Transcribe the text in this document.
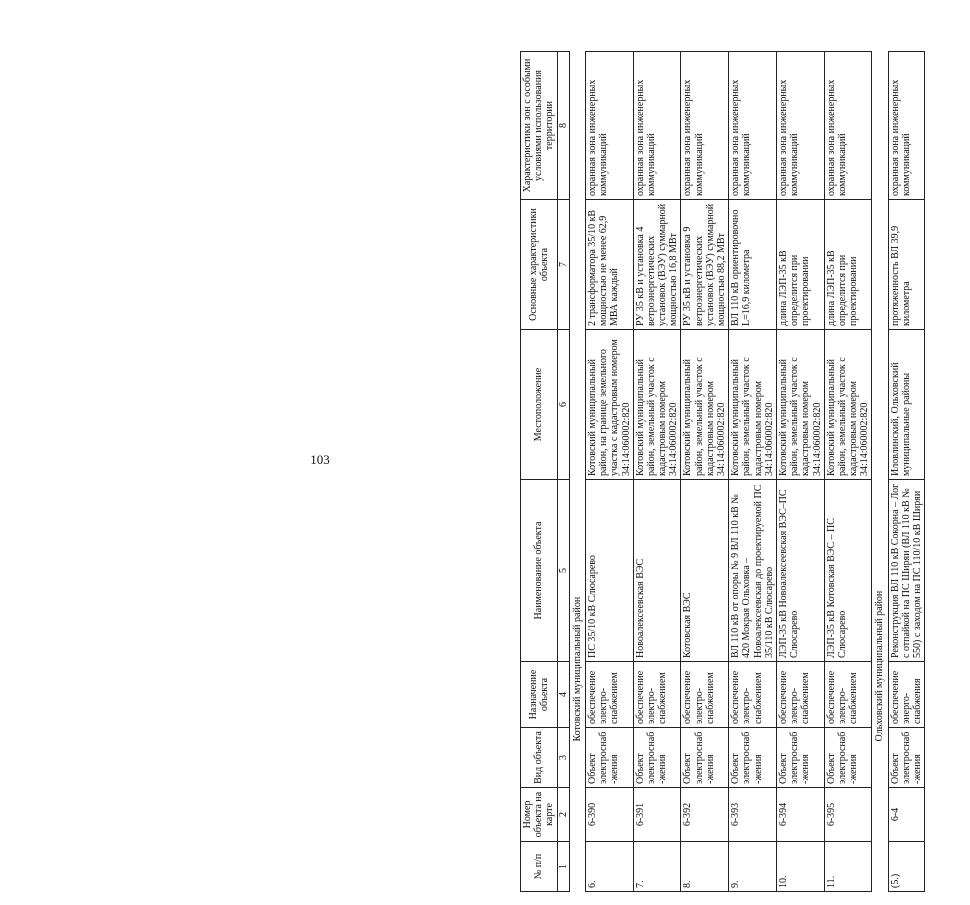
103
№ п/п	Номер объекта на карте	Вид объекта	Назначение объекта	Наименование объекта	Местоположение	Основные характеристики объекта	Характеристики зон с особыми условиями использования территории
1	2	3	4	5	6	7	8
Котовский муниципальный район							
6.	6-390	Объект электроснаб-жения	обеспечение электро-снабжением	ПС 35/10 кВ Слюсарево	Котовский муниципальный район, на границе земельного участка с кадастровым номером 34:14:060002:820	2 трансформатора 35/10 кВ мощностью не менее 62,9 МВА каждый	охранная зона инженерных коммуникаций
7.	6-391	Объект электроснаб-жения	обеспечение электро-снабжением	Новоалексеевская ВЭС	Котовский муниципальный район, земельный участок с кадастровым номером 34:14:060002:820	РУ 35 кВ и установка 4 ветроэнергетических установок (ВЭУ) суммарной мощностью 16,8 МВт	охранная зона инженерных коммуникаций
8.	6-392	Объект электроснаб-жения	обеспечение электро-снабжением	Котовская ВЭС	Котовский муниципальный район, земельный участок с кадастровым номером 34:14:060002:820	РУ 35 кВ и установка 9 ветроэнергетических установок (ВЭУ) суммарной мощностью 88,2 МВт	охранная зона инженерных коммуникаций
9.	6-393	Объект электроснаб-жения	обеспечение электро-снабжением	ВЛ 110 кВ от опоры № 9 ВЛ 110 кВ № 420 Мокрая Ольховка – Новоалексеевская до проектируемой ПС 35/110 кВ Слюсарево	Котовский муниципальный район, земельный участок с кадастровым номером 34:14:060002:820	ВЛ 110 кВ ориентировочно L=16,9 километра	охранная зона инженерных коммуникаций
10.	6-394	Объект электроснаб-жения	обеспечение электро-снабжением	ЛЭП-35 кВ Новоалексеевская ВЭС–ПС Слюсарево	Котовский муниципальный район, земельный участок с кадастровым номером 34:14:060002:820	длина ЛЭП-35 кВ определится при проектировании	охранная зона инженерных коммуникаций
11.	6-395	Объект электроснаб-жения	обеспечение электро-снабжением	ЛЭП-35 кВ Котовская ВЭС – ПС Слюсарево	Котовский муниципальный район, земельный участок с кадастровым номером 34:14:060002:820	длина ЛЭП-35 кВ определится при проектировании	охранная зона инженерных коммуникаций
Ольховский муниципальный район							
(5.)	6-4	Объект электроснаб-жения	обеспечение энерго-снабжения	Реконструкция ВЛ 110 кВ Сокорна – Лог с отпайкой на ПС Ширяи (ВЛ 110 кВ № 550) с заходом на ПС 110/10 кВ Ширяи	Иловлинский, Ольховский муниципальные районы	протяженность ВЛ 39,9 километра	охранная зона инженерных коммуникаций
